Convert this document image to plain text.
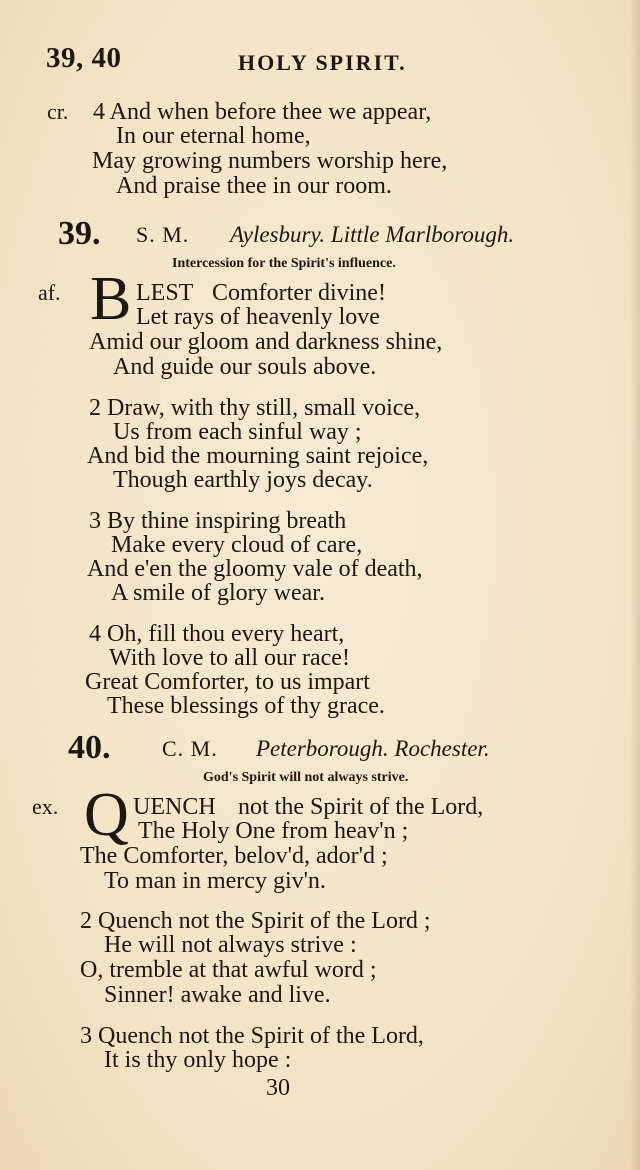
39, 40	HOLY SPIRIT.
cr. 4 And when before thee we appear,
In our eternal home,
May growing numbers worship here,
And praise thee in our room.
39. S. M. Aylesbury. Little Marlborough.
Intercession for the Spirit's influence.
af. B LEST Comforter divine!
Let rays of heavenly love
Amid our gloom and darkness shine,
And guide our souls above.
2 Draw, with thy still, small voice,
Us from each sinful way ;
And bid the mourning saint rejoice,
Though earthly joys decay.
3 By thine inspiring breath
Make every cloud of care,
And e'en the gloomy vale of death,
A smile of glory wear.
4 Oh, fill thou every heart,
With love to all our race!
Great Comforter, to us impart
These blessings of thy grace.
40. C. M. Peterborough. Rochester.
God's Spirit will not always strive.
ex. Q UENCH not the Spirit of the Lord,
The Holy One from heav'n ;
The Comforter, belov'd, ador'd ;
To man in mercy giv'n.
2 Quench not the Spirit of the Lord ;
He will not always strive :
O, tremble at that awful word ;
Sinner! awake and live.
3 Quench not the Spirit of the Lord,
It is thy only hope :
30
